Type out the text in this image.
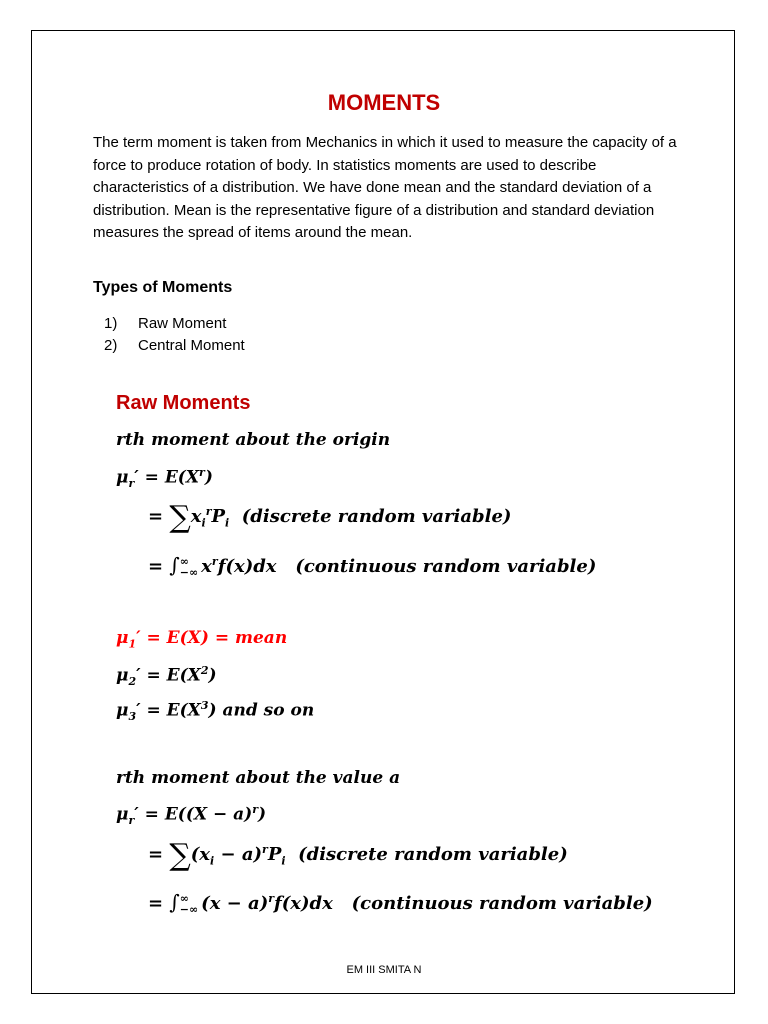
MOMENTS
The term moment is taken from Mechanics in which it used to measure the capacity of a force to produce rotation of body. In statistics moments are used to describe characteristics of a distribution. We have done mean and the standard deviation of a distribution. Mean is the representative figure of a distribution and standard deviation measures the spread of items around the mean.
Types of Moments
1) Raw Moment
2) Central Moment
Raw Moments
rth moment about the origin
$\mu_r' = E(X^r)$
= $\sum x_i^rP_i$ (discrete random variable)
= ∫ ∞
−∞ $x^rf(x)dx$   (continuous random variable)
$\mu_1' = E(X)$ = mean
$\mu_2' = E(X^2)$
$\mu_3' = E(X^3)$ and so on
rth moment about the value a
$\mu_r' = E((X - a)^r)$
= $\sum(x_i - a)^rP_i$ (discrete random variable)
= ∫ ∞
−∞ $(x - a)^rf(x)dx$   (continuous random variable)
EM III SMITA N
